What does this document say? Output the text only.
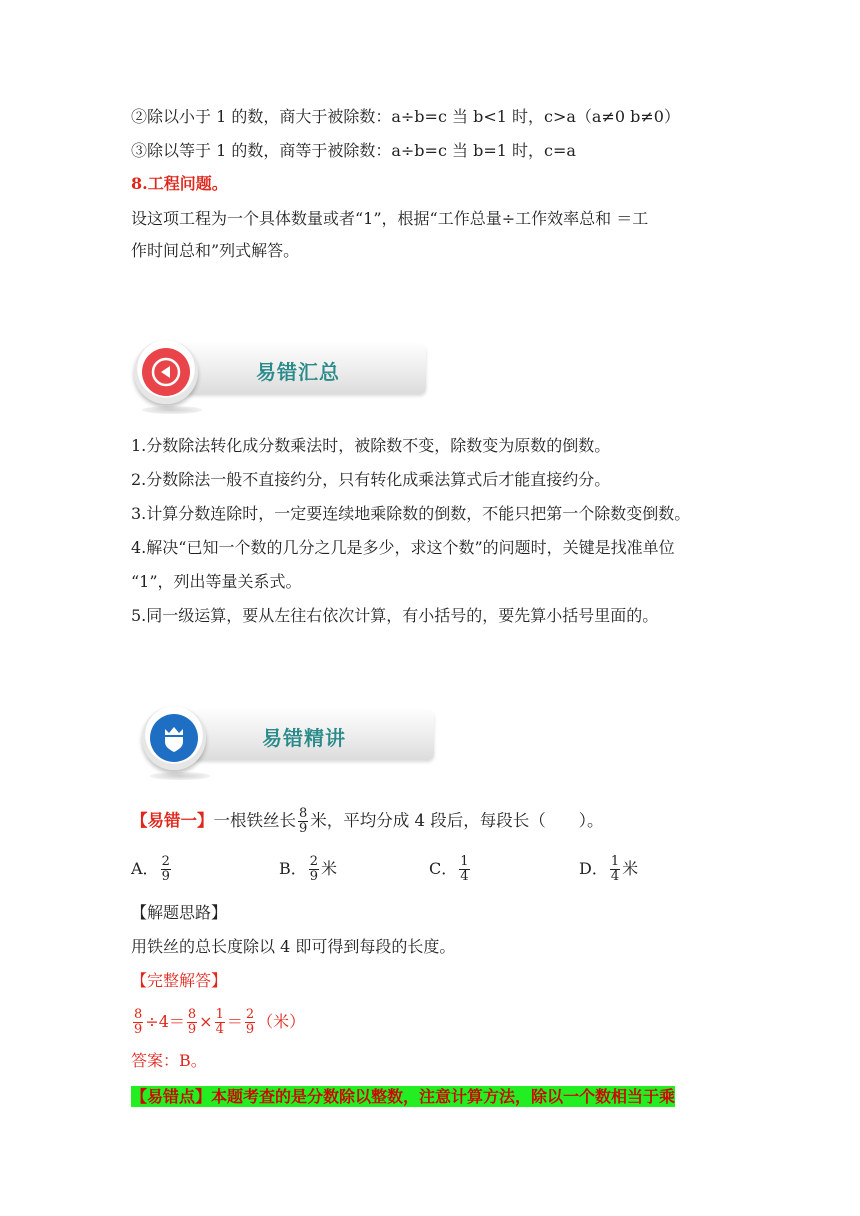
②除以小于 1 的数，商大于被除数：a÷b=c 当 b<1 时，c>a（a≠0 b≠0）
③除以等于 1 的数，商等于被除数：a÷b=c 当 b=1 时，c=a
8.工程问题。
设这项工程为一个具体数量或者“1”，根据“工作总量÷工作效率总和 ＝工
作时间总和”列式解答。
易错汇总
1.分数除法转化成分数乘法时，被除数不变，除数变为原数的倒数。
2.分数除法一般不直接约分，只有转化成乘法算式后才能直接约分。
3.计算分数连除时，一定要连续地乘除数的倒数，不能只把第一个除数变倒数。
4.解决“已知一个数的几分之几是多少，求这个数”的问题时，关键是找准单位
“1”，列出等量关系式。
5.同一级运算，要从左往右依次计算，有小括号的，要先算小括号里面的。
易错精讲
【易错一】一根铁丝长 $\frac{8}{9}$ 米，平均分成 4 段后，每段长（　　）。
A． $\frac{2}{9}$	B． $\frac{2}{9}$ 米	C． $\frac{1}{4}$	D． $\frac{1}{4}$ 米
【解题思路】
用铁丝的总长度除以 4 即可得到每段的长度。
【完整解答】
$\frac{8}{9} \div 4= \frac{8}{9} \times \frac{1}{4} = \frac{2}{9}$ （米）
答案：B。
【易错点】本题考查的是分数除以整数，注意计算方法，除以一个数相当于乘
